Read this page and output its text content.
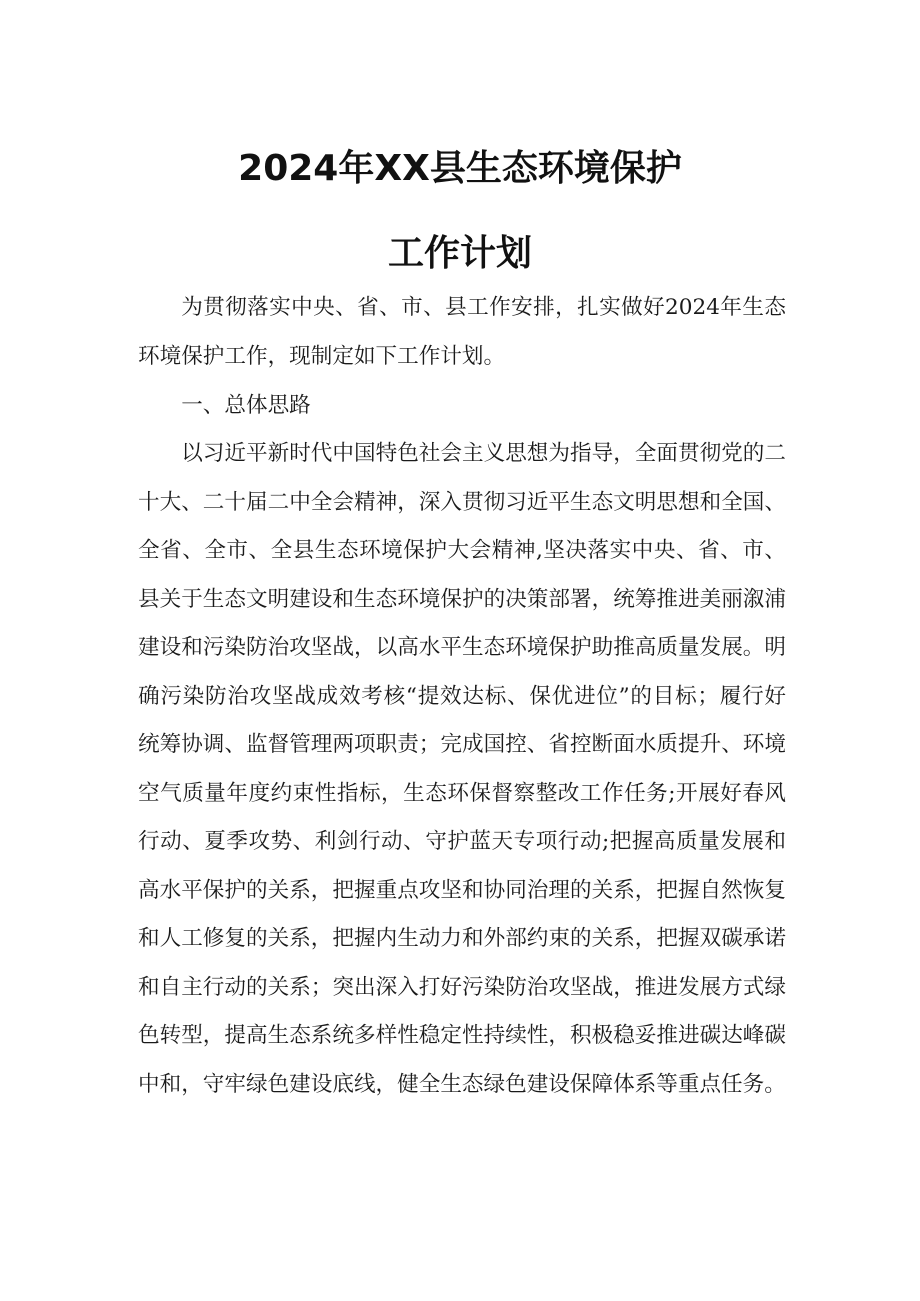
2024年XX县生态环境保护
工作计划
为贯彻落实中央、省、市、县工作安排，扎实做好2024年生态环境保护工作，现制定如下工作计划。
一、总体思路
以习近平新时代中国特色社会主义思想为指导，全面贯彻党的二十大、二十届二中全会精神，深入贯彻习近平生态文明思想和全国、全省、全市、全县生态环境保护大会精神,坚决落实中央、省、市、县关于生态文明建设和生态环境保护的决策部署，统筹推进美丽溆浦建设和污染防治攻坚战，以高水平生态环境保护助推高质量发展。明确污染防治攻坚战成效考核“提效达标、保优进位”的目标；履行好统筹协调、监督管理两项职责；完成国控、省控断面水质提升、环境空气质量年度约束性指标，生态环保督察整改工作任务;开展好春风行动、夏季攻势、利剑行动、守护蓝天专项行动;把握高质量发展和高水平保护的关系，把握重点攻坚和协同治理的关系，把握自然恢复和人工修复的关系，把握内生动力和外部约束的关系，把握双碳承诺和自主行动的关系；突出深入打好污染防治攻坚战，推进发展方式绿色转型，提高生态系统多样性稳定性持续性，积极稳妥推进碳达峰碳中和，守牢绿色建设底线，健全生态绿色建设保障体系等重点任务。
